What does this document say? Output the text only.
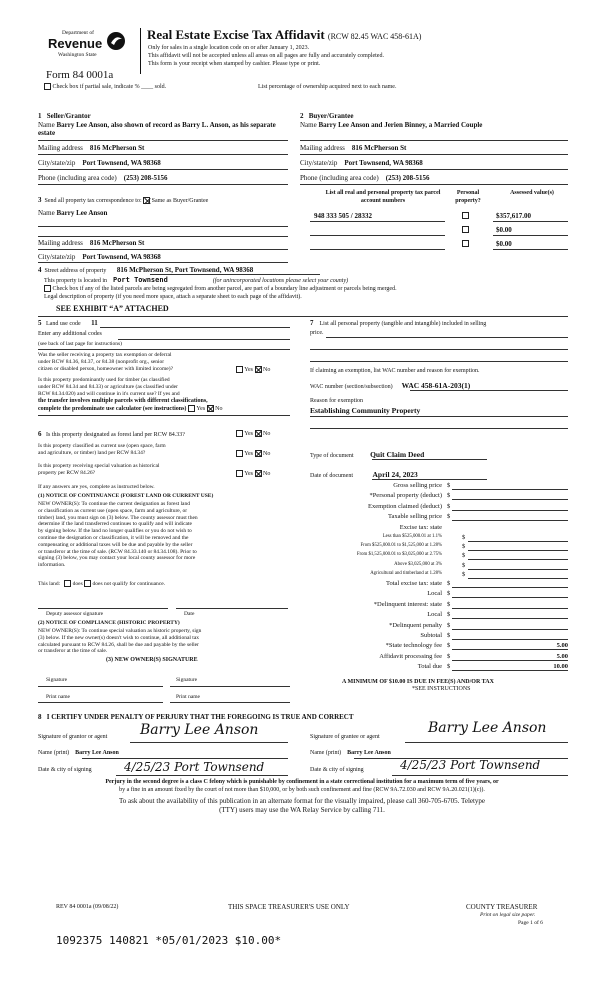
Department of
Revenue
Washington State
Real Estate Excise Tax Affidavit (RCW 82.45 WAC 458-61A)
Only for sales in a single location code on or after January 1, 2023.
This affidavit will not be accepted unless all areas on all pages are fully and accurately completed.
This form is your receipt when stamped by cashier. Please type or print.
Form 84 0001a
Check box if partial sale, indicate % ____ sold.	List percentage of ownership acquired next to each name.
1   Seller/Grantor
Name Barry Lee Anson, also shown of record as Barry L. Anson, as his separate estate
Mailing address 816 McPherson St
City/state/zip Port Townsend, WA 98368
Phone (including area code) (253) 208-5156
2   Buyer/Grantee
Name Barry Lee Anson and Jerien Binney, a Married Couple
Mailing address 816 McPherson St
City/state/zip Port Townsend, WA 98368
Phone (including area code) (253) 208-5156
3 Send all property tax correspondence to: Same as Buyer/Grantee
Name Barry Lee Anson
Mailing address 816 McPherson St
City/state/zip Port Townsend, WA 98368
List all real and personal property tax parcel account numbers
Personal property?
Assessed value(s)
948 333 505 / 28332	$357,617.00
$0.00
$0.00
4 Street address of property 816 McPherson St, Port Townsend, WA 98368
This property is located in Port Townsend	(for unincorporated locations please select your county)
Check box if any of the listed parcels are being segregated from another parcel, are part of a boundary line adjustment or parcels being merged.
Legal description of property (if you need more space, attach a separate sheet to each page of the affidavit).
SEE EXHIBIT “A” ATTACHED
5 Land use code 11
Enter any additional codes
(see back of last page for instructions)
Was the seller receiving a property tax exemption or deferral
under RCW 84.36, 84.37, or 84.38 (nonprofit org., senior
citizen or disabled person, homeowner with limited income)?	Yes No
Is this property predominantly used for timber (as classified
under RCW 84.34 and 84.33) or agriculture (as classified under
RCW 84.34.020) and will continue in it's current use? If yes and
the transfer involves multiple parcels with different classifications,
complete the predominate use calculator (see instructions) Yes No
6 Is this property designated as forest land per RCW 84.33?	Yes No
Is this property classified as current use (open space, farm
and agriculture, or timber) land per RCW 84.34?	Yes No
Is this property receiving special valuation as historical
property per RCW 84.26?	Yes No
If any answers are yes, complete as instructed below.
(1) NOTICE OF CONTINUANCE (FOREST LAND OR CURRENT USE)
NEW OWNER(S): To continue the current designation as forest land
or classification as current use (open space, farm and agriculture, or
timber) land, you must sign on (3) below. The county assessor must then
determine if the land transferred continues to qualify and will indicate
by signing below. If the land no longer qualifies or you do not wish to
continue the designation or classification, it will be removed and the
compensating or additional taxes will be due and payable by the seller
or transferor at the time of sale. (RCW 84.33.140 or 84.34.108). Prior to
signing (3) below, you may contact your local county assessor for more
information.
This land: does does not qualify for continuance.
Deputy assessor signature	Date
(2) NOTICE OF COMPLIANCE (HISTORIC PROPERTY)
NEW OWNER(S): To continue special valuation as historic property, sign
(3) below. If the new owner(s) doesn't wish to continue, all additional tax
calculated pursuant to RCW 84.26, shall be due and payable by the seller
or transferor at the time of sale.
(3) NEW OWNER(S) SIGNATURE
Signature	Signature
Print name	Print name
7 List all personal property (tangible and intangible) included in selling
price.
If claiming an exemption, list WAC number and reason for exemption.
WAC number (section/subsection) WAC 458-61A-203(1)
Reason for exemption
Establishing Community Property
Type of document Quit Claim Deed
Date of document	April 24, 2023
Gross selling price $
*Personal property (deduct) $
Exemption claimed (deduct) $
Taxable selling price $
Excise tax: state
Less than $525,000.01 at 1.1%	$
From $525,000.01 to $1,525,000 at 1.28%	$
From $1,525,000.01 to $3,025,000 at 2.75%	$
Above $3,025,000 at 3%	$
Agricultural and timberland at 1.28%	$
Total excise tax: state $
Local $
*Delinquent interest: state $
Local $
*Delinquent penalty $
Subtotal $
*State technology fee $	5.00
Affidavit processing fee $	5.00
Total due $	10.00
A MINIMUM OF $10.00 IS DUE IN FEE(S) AND/OR TAX
*SEE INSTRUCTIONS
8   I CERTIFY UNDER PENALTY OF PERJURY THAT THE FOREGOING IS TRUE AND CORRECT
Signature of grantor or agent Barry Lee Anson	Signature of grantee or agent
Barry Lee Anson
Name (print) Barry Lee Anson	Name (print) Barry Lee Anson
Date & city of signing	4/25/23 Port Townsend	Date & city of signing	4/25/23 Port Townsend
Perjury in the second degree is a class C felony which is punishable by confinement in a state correctional institution for a maximum term of five years, or
by a fine in an amount fixed by the court of not more than $10,000, or by both such confinement and fine (RCW 9A.72.030 and RCW 9A.20.021(1)(c)).
To ask about the availability of this publication in an alternate format for the visually impaired, please call 360-705-6705. Teletype
(TTY) users may use the WA Relay Service by calling 711.
REV 84 0001a (09/08/22)	THIS SPACE TREASURER'S USE ONLY	COUNTY TREASURER
Print on legal size paper.
Page 1 of 6
1092375 140821 *05/01/2023 $10.00*
